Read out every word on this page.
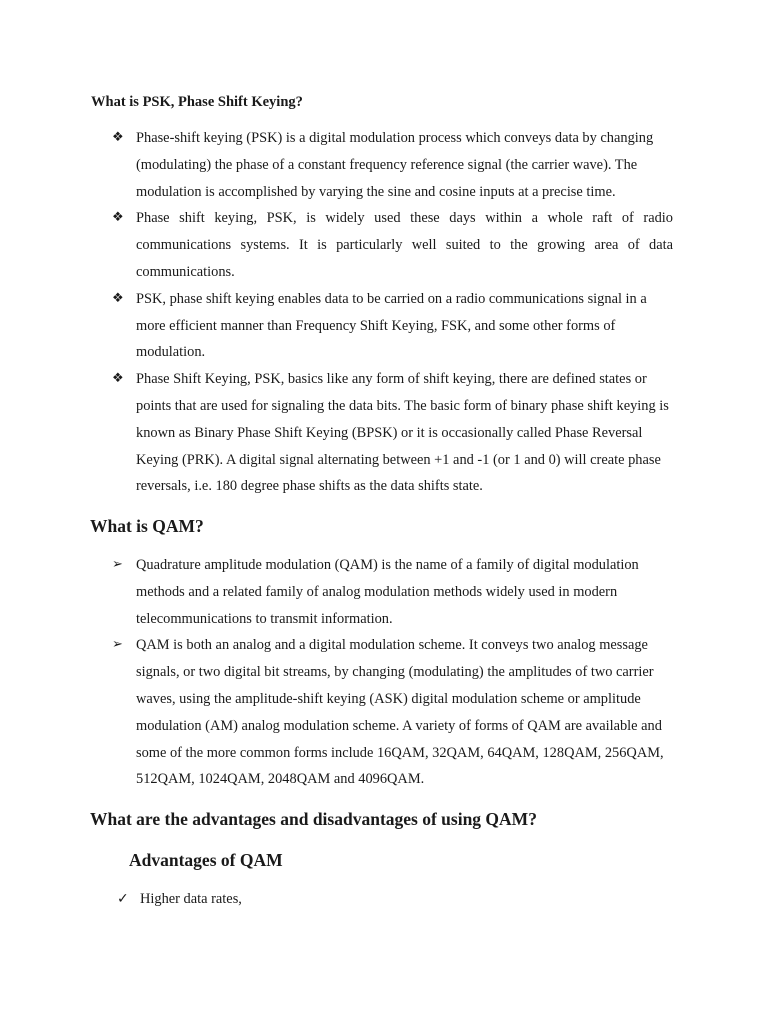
What is PSK, Phase Shift Keying?
❖ Phase-shift keying (PSK) is a digital modulation process which conveys data by changing (modulating) the phase of a constant frequency reference signal (the carrier wave). The modulation is accomplished by varying the sine and cosine inputs at a precise time.
❖ Phase shift keying, PSK, is widely used these days within a whole raft of radio communications systems. It is particularly well suited to the growing area of data communications.
❖ PSK, phase shift keying enables data to be carried on a radio communications signal in a more efficient manner than Frequency Shift Keying, FSK, and some other forms of modulation.
❖ Phase Shift Keying, PSK, basics like any form of shift keying, there are defined states or points that are used for signaling the data bits. The basic form of binary phase shift keying is known as Binary Phase Shift Keying (BPSK) or it is occasionally called Phase Reversal Keying (PRK). A digital signal alternating between +1 and -1 (or 1 and 0) will create phase reversals, i.e. 180 degree phase shifts as the data shifts state.
What is QAM?
➢ Quadrature amplitude modulation (QAM) is the name of a family of digital modulation methods and a related family of analog modulation methods widely used in modern telecommunications to transmit information.
➢ QAM is both an analog and a digital modulation scheme. It conveys two analog message signals, or two digital bit streams, by changing (modulating) the amplitudes of two carrier waves, using the amplitude-shift keying (ASK) digital modulation scheme or amplitude modulation (AM) analog modulation scheme. A variety of forms of QAM are available and some of the more common forms include 16QAM, 32QAM, 64QAM, 128QAM, 256QAM, 512QAM, 1024QAM, 2048QAM and 4096QAM.
What are the advantages and disadvantages of using QAM?
Advantages of QAM
✓ Higher data rates,
